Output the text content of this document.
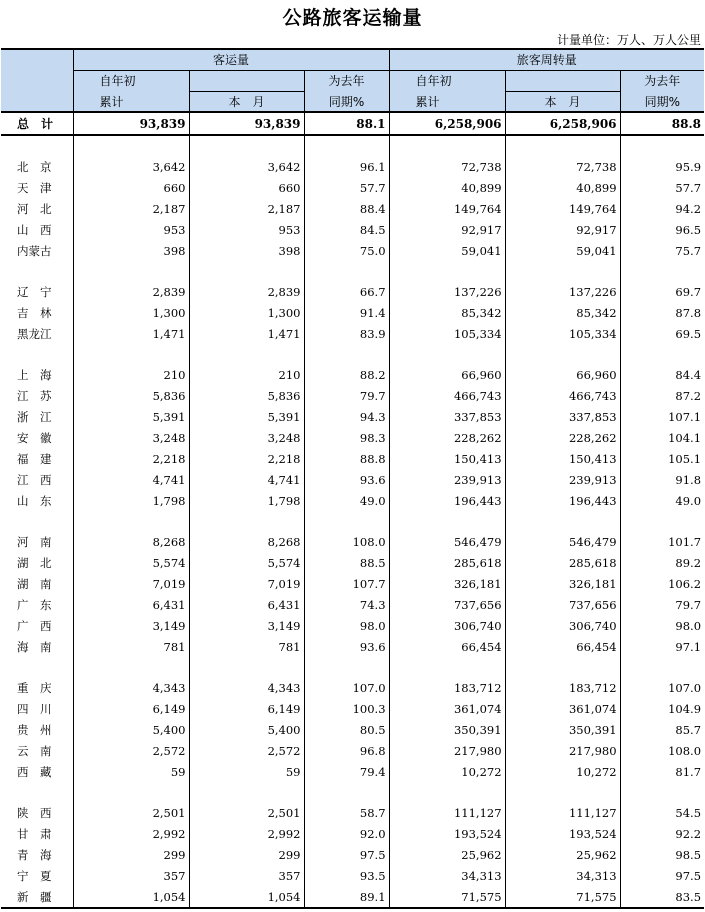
公路旅客运输量
计量单位：万人、万人公里
	客运量			旅客周转量		
	自年初		为去年	自年初		为去年
	累计	本　月	同期%	累计	本　月	同期%
总　计	93,839	93,839	88.1	6,258,906	6,258,906	88.8

北　京	3,642	3,642	96.1	72,738	72,738	95.9
天　津	660	660	57.7	40,899	40,899	57.7
河　北	2,187	2,187	88.4	149,764	149,764	94.2
山　西	953	953	84.5	92,917	92,917	96.5
内蒙古	398	398	75.0	59,041	59,041	75.7

辽　宁	2,839	2,839	66.7	137,226	137,226	69.7
吉　林	1,300	1,300	91.4	85,342	85,342	87.8
黑龙江	1,471	1,471	83.9	105,334	105,334	69.5

上　海	210	210	88.2	66,960	66,960	84.4
江　苏	5,836	5,836	79.7	466,743	466,743	87.2
浙　江	5,391	5,391	94.3	337,853	337,853	107.1
安　徽	3,248	3,248	98.3	228,262	228,262	104.1
福　建	2,218	2,218	88.8	150,413	150,413	105.1
江　西	4,741	4,741	93.6	239,913	239,913	91.8
山　东	1,798	1,798	49.0	196,443	196,443	49.0

河　南	8,268	8,268	108.0	546,479	546,479	101.7
湖　北	5,574	5,574	88.5	285,618	285,618	89.2
湖　南	7,019	7,019	107.7	326,181	326,181	106.2
广　东	6,431	6,431	74.3	737,656	737,656	79.7
广　西	3,149	3,149	98.0	306,740	306,740	98.0
海　南	781	781	93.6	66,454	66,454	97.1

重　庆	4,343	4,343	107.0	183,712	183,712	107.0
四　川	6,149	6,149	100.3	361,074	361,074	104.9
贵　州	5,400	5,400	80.5	350,391	350,391	85.7
云　南	2,572	2,572	96.8	217,980	217,980	108.0
西　藏	59	59	79.4	10,272	10,272	81.7

陕　西	2,501	2,501	58.7	111,127	111,127	54.5
甘　肃	2,992	2,992	92.0	193,524	193,524	92.2
青　海	299	299	97.5	25,962	25,962	98.5
宁　夏	357	357	93.5	34,313	34,313	97.5
新　疆	1,054	1,054	89.1	71,575	71,575	83.5
